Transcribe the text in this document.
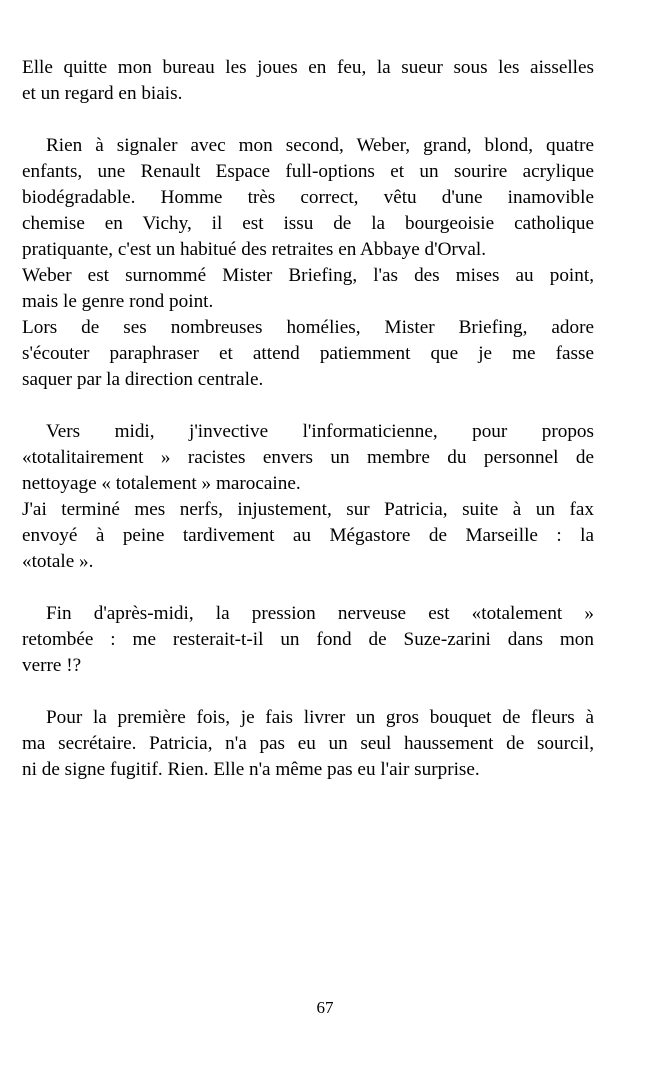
Elle quitte mon bureau les joues en feu, la sueur sous les aisselles
et un regard en biais.
Rien à signaler avec mon second, Weber, grand, blond, quatre
enfants, une Renault Espace full-options et un sourire acrylique
biodégradable. Homme très correct, vêtu d'une inamovible
chemise en Vichy, il est issu de la bourgeoisie catholique
pratiquante, c'est un habitué des retraites en Abbaye d'Orval.
Weber est surnommé Mister Briefing, l'as des mises au point,
mais le genre rond point.
Lors de ses nombreuses homélies, Mister Briefing, adore
s'écouter paraphraser et attend patiemment que je me fasse
saquer par la direction centrale.
Vers midi, j'invective l'informaticienne, pour propos
«totalitairement » racistes envers un membre du personnel de
nettoyage « totalement » marocaine.
J'ai terminé mes nerfs, injustement, sur Patricia, suite à un fax
envoyé à peine tardivement au Mégastore de Marseille : la
«totale ».
Fin d'après-midi, la pression nerveuse est «totalement »
retombée : me resterait-t-il un fond de Suze-zarini dans mon
verre !?
Pour la première fois, je fais livrer un gros bouquet de fleurs à
ma secrétaire. Patricia, n'a pas eu un seul haussement de sourcil,
ni de signe fugitif. Rien. Elle n'a même pas eu l'air surprise.
67
